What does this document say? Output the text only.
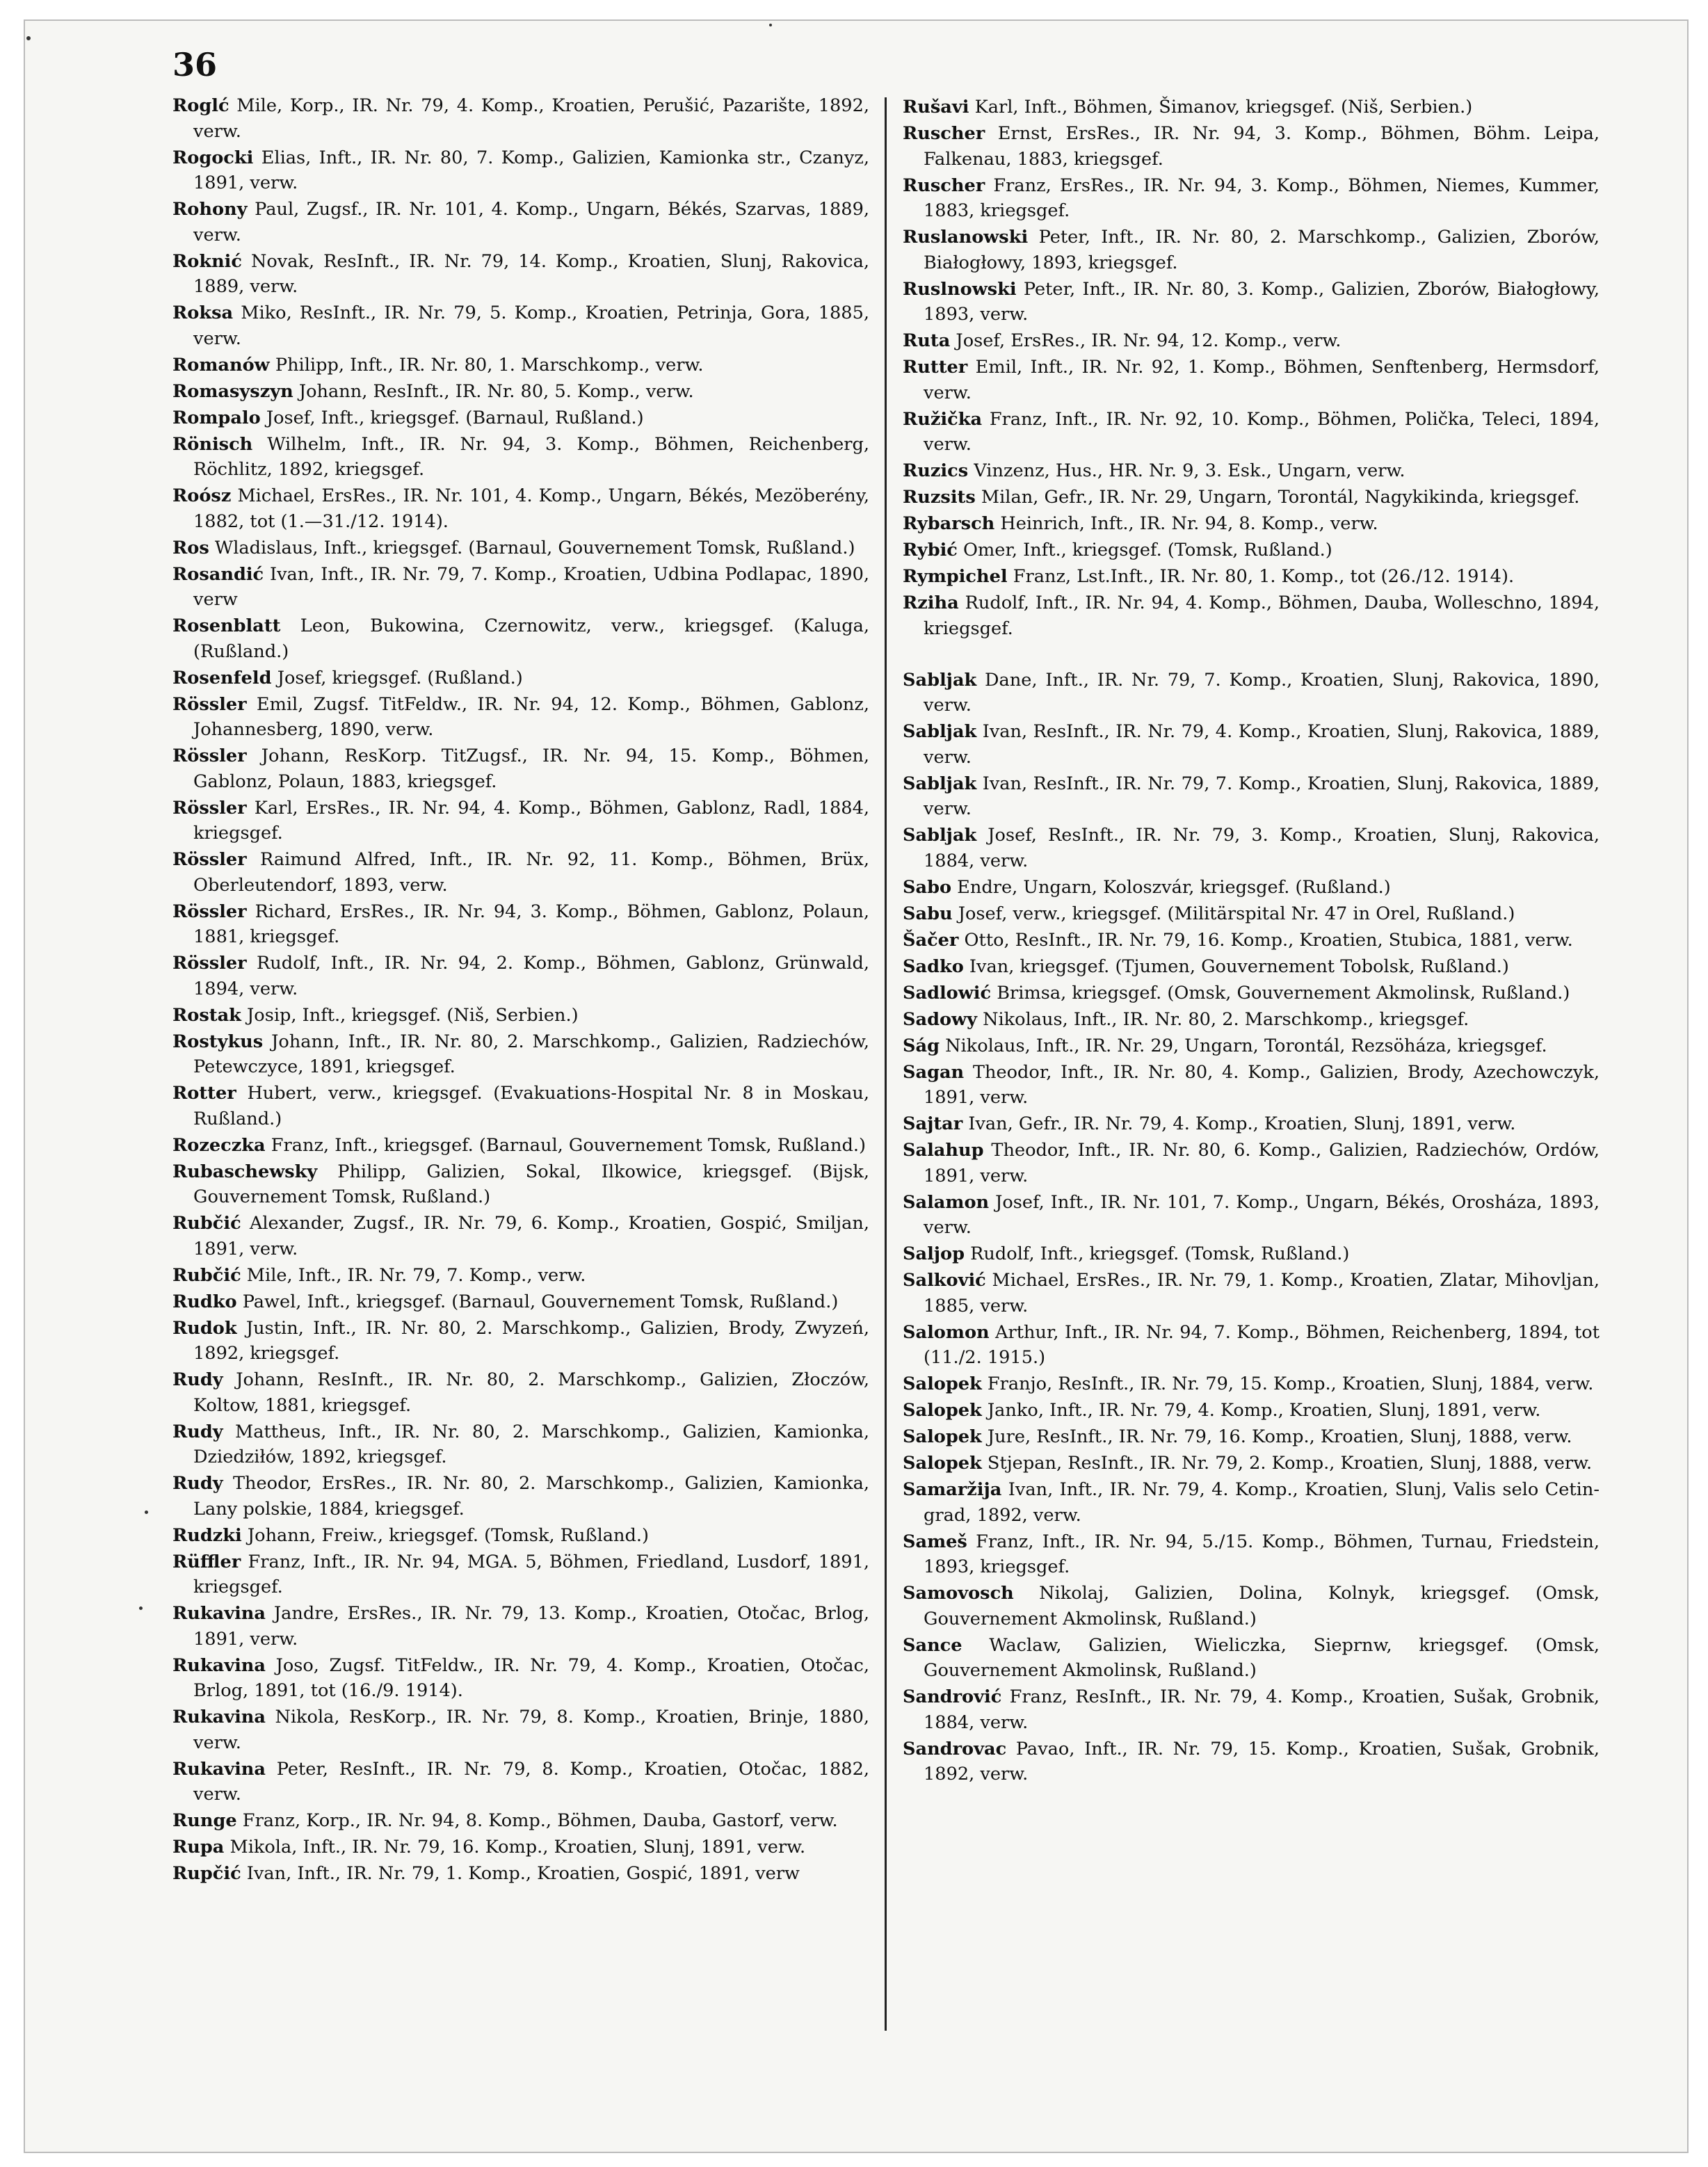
36
Roglć Mile, Korp., IR. Nr. 79, 4. Komp., Kroatien, Perušić, Pazarište, 1892, verw.
Rogocki Elias, Inft., IR. Nr. 80, 7. Komp., Galizien, Kamionka str., Czanyz, 1891, verw.
Rohony Paul, Zugsf., IR. Nr. 101, 4. Komp., Ungarn, Békés, Szarvas, 1889, verw.
Roknić Novak, ResInft., IR. Nr. 79, 14. Komp., Kroatien, Slunj, Rakovica, 1889, verw.
Roksa Miko, ResInft., IR. Nr. 79, 5. Komp., Kroatien, Petrinja, Gora, 1885, verw.
Romanów Philipp, Inft., IR. Nr. 80, 1. Marschkomp., verw.
Romasyszyn Johann, ResInft., IR. Nr. 80, 5. Komp., verw.
Rompalo Josef, Inft., kriegsgef. (Barnaul, Rußland.)
Rönisch Wilhelm, Inft., IR. Nr. 94, 3. Komp., Böhmen, Reichenberg, Röchlitz, 1892, kriegsgef.
Roósz Michael, ErsRes., IR. Nr. 101, 4. Komp., Ungarn, Békés, Mezöberény, 1882, tot (1.—31./12. 1914).
Ros Wladislaus, Inft., kriegsgef. (Barnaul, Gouvernement Tomsk, Rußland.)
Rosandić Ivan, Inft., IR. Nr. 79, 7. Komp., Kroatien, Udbina Podlapac, 1890, verw
Rosenblatt Leon, Bukowina, Czernowitz, verw., kriegsgef. (Kaluga, (Rußland.)
Rosenfeld Josef, kriegsgef. (Rußland.)
Rössler Emil, Zugsf. TitFeldw., IR. Nr. 94, 12. Komp., Böhmen, Gablonz, Johannesberg, 1890, verw.
Rössler Johann, ResKorp. TitZugsf., IR. Nr. 94, 15. Komp., Böhmen, Gablonz, Polaun, 1883, kriegsgef.
Rössler Karl, ErsRes., IR. Nr. 94, 4. Komp., Böhmen, Gablonz, Radl, 1884, kriegsgef.
Rössler Raimund Alfred, Inft., IR. Nr. 92, 11. Komp., Böhmen, Brüx, Oberleutendorf, 1893, verw.
Rössler Richard, ErsRes., IR. Nr. 94, 3. Komp., Böhmen, Gablonz, Polaun, 1881, kriegsgef.
Rössler Rudolf, Inft., IR. Nr. 94, 2. Komp., Böhmen, Gablonz, Grünwald, 1894, verw.
Rostak Josip, Inft., kriegsgef. (Niš, Serbien.)
Rostykus Johann, Inft., IR. Nr. 80, 2. Marschkomp., Galizien, Radziechów, Petewczyce, 1891, kriegsgef.
Rotter Hubert, verw., kriegsgef. (Evakuations-Hospital Nr. 8 in Moskau, Rußland.)
Rozeczka Franz, Inft., kriegsgef. (Barnaul, Gouvernement Tomsk, Rußland.)
Rubaschewsky Philipp, Galizien, Sokal, Ilkowice, kriegsgef. (Bijsk, Gouvernement Tomsk, Rußland.)
Rubčić Alexander, Zugsf., IR. Nr. 79, 6. Komp., Kroatien, Gospić, Smiljan, 1891, verw.
Rubčić Mile, Inft., IR. Nr. 79, 7. Komp., verw.
Rudko Pawel, Inft., kriegsgef. (Barnaul, Gouvernement Tomsk, Rußland.)
Rudok Justin, Inft., IR. Nr. 80, 2. Marschkomp., Galizien, Brody, Zwyzeń, 1892, kriegsgef.
Rudy Johann, ResInft., IR. Nr. 80, 2. Marschkomp., Galizien, Złoczów, Koltow, 1881, kriegsgef.
Rudy Mattheus, Inft., IR. Nr. 80, 2. Marschkomp., Galizien, Kamionka, Dziedziłów, 1892, kriegsgef.
Rudy Theodor, ErsRes., IR. Nr. 80, 2. Marschkomp., Galizien, Kamionka, Lany polskie, 1884, kriegsgef.
Rudzki Johann, Freiw., kriegsgef. (Tomsk, Rußland.)
Rüffler Franz, Inft., IR. Nr. 94, MGA. 5, Böhmen, Friedland, Lusdorf, 1891, kriegsgef.
Rukavina Jandre, ErsRes., IR. Nr. 79, 13. Komp., Kroatien, Otočac, Brlog, 1891, verw.
Rukavina Joso, Zugsf. TitFeldw., IR. Nr. 79, 4. Komp., Kroatien, Otočac, Brlog, 1891, tot (16./9. 1914).
Rukavina Nikola, ResKorp., IR. Nr. 79, 8. Komp., Kroatien, Brinje, 1880, verw.
Rukavina Peter, ResInft., IR. Nr. 79, 8. Komp., Kroatien, Otočac, 1882, verw.
Runge Franz, Korp., IR. Nr. 94, 8. Komp., Böhmen, Dauba, Gastorf, verw.
Rupa Mikola, Inft., IR. Nr. 79, 16. Komp., Kroatien, Slunj, 1891, verw.
Rupčić Ivan, Inft., IR. Nr. 79, 1. Komp., Kroatien, Gospić, 1891, verw
Rušavi Karl, Inft., Böhmen, Šimanov, kriegsgef. (Niš, Serbien.)
Ruscher Ernst, ErsRes., IR. Nr. 94, 3. Komp., Böhmen, Böhm. Leipa, Falkenau, 1883, kriegsgef.
Ruscher Franz, ErsRes., IR. Nr. 94, 3. Komp., Böhmen, Niemes, Kummer, 1883, kriegsgef.
Ruslanowski Peter, Inft., IR. Nr. 80, 2. Marschkomp., Galizien, Zborów, Białogłowy, 1893, kriegsgef.
Ruslnowski Peter, Inft., IR. Nr. 80, 3. Komp., Galizien, Zborów, Białogłowy, 1893, verw.
Ruta Josef, ErsRes., IR. Nr. 94, 12. Komp., verw.
Rutter Emil, Inft., IR. Nr. 92, 1. Komp., Böhmen, Senftenberg, Hermsdorf, verw.
Ružička Franz, Inft., IR. Nr. 92, 10. Komp., Böhmen, Polička, Teleci, 1894, verw.
Ruzics Vinzenz, Hus., HR. Nr. 9, 3. Esk., Ungarn, verw.
Ruzsits Milan, Gefr., IR. Nr. 29, Ungarn, Torontál, Nagykikinda, kriegsgef.
Rybarsch Heinrich, Inft., IR. Nr. 94, 8. Komp., verw.
Rybić Omer, Inft., kriegsgef. (Tomsk, Rußland.)
Rympichel Franz, Lst.Inft., IR. Nr. 80, 1. Komp., tot (26./12. 1914).
Rziha Rudolf, Inft., IR. Nr. 94, 4. Komp., Böhmen, Dauba, Wolleschno, 1894, kriegsgef.
Sabljak Dane, Inft., IR. Nr. 79, 7. Komp., Kroatien, Slunj, Rakovica, 1890, verw.
Sabljak Ivan, ResInft., IR. Nr. 79, 4. Komp., Kroatien, Slunj, Rakovica, 1889, verw.
Sabljak Ivan, ResInft., IR. Nr. 79, 7. Komp., Kroatien, Slunj, Rakovica, 1889, verw.
Sabljak Josef, ResInft., IR. Nr. 79, 3. Komp., Kroatien, Slunj, Rakovica, 1884, verw.
Sabo Endre, Ungarn, Koloszvár, kriegsgef. (Rußland.)
Sabu Josef, verw., kriegsgef. (Militärspital Nr. 47 in Orel, Rußland.)
Šačer Otto, ResInft., IR. Nr. 79, 16. Komp., Kroatien, Stubica, 1881, verw.
Sadko Ivan, kriegsgef. (Tjumen, Gouvernement Tobolsk, Rußland.)
Sadlowić Brimsa, kriegsgef. (Omsk, Gouvernement Akmolinsk, Rußland.)
Sadowy Nikolaus, Inft., IR. Nr. 80, 2. Marschkomp., kriegsgef.
Ság Nikolaus, Inft., IR. Nr. 29, Ungarn, Torontál, Rezsöháza, kriegsgef.
Sagan Theodor, Inft., IR. Nr. 80, 4. Komp., Galizien, Brody, Azechowczyk, 1891, verw.
Sajtar Ivan, Gefr., IR. Nr. 79, 4. Komp., Kroatien, Slunj, 1891, verw.
Salahup Theodor, Inft., IR. Nr. 80, 6. Komp., Galizien, Radziechów, Ordów, 1891, verw.
Salamon Josef, Inft., IR. Nr. 101, 7. Komp., Ungarn, Békés, Orosháza, 1893, verw.
Saljop Rudolf, Inft., kriegsgef. (Tomsk, Rußland.)
Salković Michael, ErsRes., IR. Nr. 79, 1. Komp., Kroatien, Zlatar, Mihovljan, 1885, verw.
Salomon Arthur, Inft., IR. Nr. 94, 7. Komp., Böhmen, Reichenberg, 1894, tot (11./2. 1915.)
Salopek Franjo, ResInft., IR. Nr. 79, 15. Komp., Kroatien, Slunj, 1884, verw.
Salopek Janko, Inft., IR. Nr. 79, 4. Komp., Kroatien, Slunj, 1891, verw.
Salopek Jure, ResInft., IR. Nr. 79, 16. Komp., Kroatien, Slunj, 1888, verw.
Salopek Stjepan, ResInft., IR. Nr. 79, 2. Komp., Kroatien, Slunj, 1888, verw.
Samaržija Ivan, Inft., IR. Nr. 79, 4. Komp., Kroatien, Slunj, Valis selo Cetin-grad, 1892, verw.
Sameš Franz, Inft., IR. Nr. 94, 5./15. Komp., Böhmen, Turnau, Friedstein, 1893, kriegsgef.
Samovosch Nikolaj, Galizien, Dolina, Kolnyk, kriegsgef. (Omsk, Gouvernement Akmolinsk, Rußland.)
Sance Waclaw, Galizien, Wieliczka, Sieprnw, kriegsgef. (Omsk, Gouvernement Akmolinsk, Rußland.)
Sandrović Franz, ResInft., IR. Nr. 79, 4. Komp., Kroatien, Sušak, Grobnik, 1884, verw.
Sandrovac Pavao, Inft., IR. Nr. 79, 15. Komp., Kroatien, Sušak, Grobnik, 1892, verw.
